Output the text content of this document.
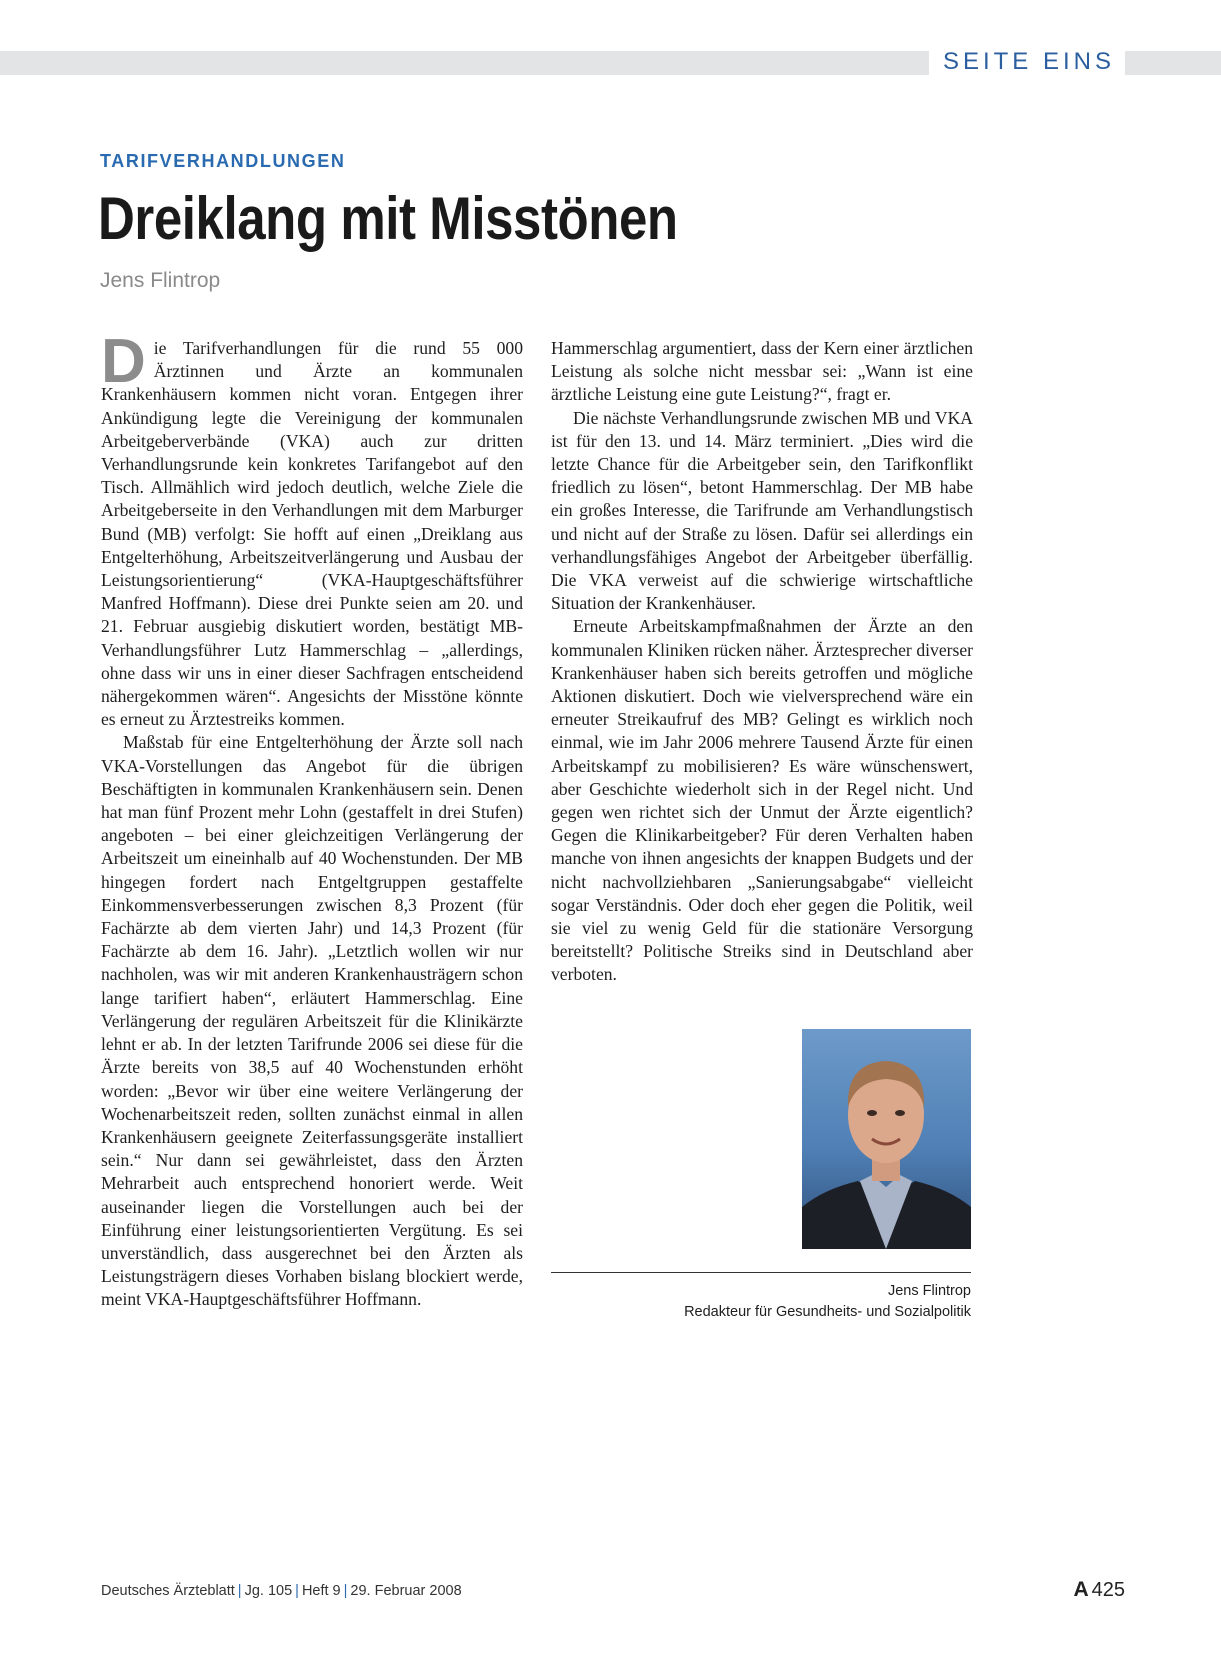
SEITE EINS
TARIFVERHANDLUNGEN
Dreiklang mit Misstönen
Jens Flintrop

Die Tarifverhandlungen für die rund 55 000 Ärztinnen und Ärzte an kommunalen Krankenhäusern kommen nicht voran. Entgegen ihrer Ankündigung legte die Vereinigung der kommunalen Arbeitgeberverbände (VKA) auch zur dritten Verhandlungsrunde kein konkretes Tarifangebot auf den Tisch. Allmählich wird jedoch deutlich, welche Ziele die Arbeitgeberseite in den Verhandlungen mit dem Marburger Bund (MB) verfolgt: Sie hofft auf einen „Dreiklang aus Entgelterhöhung, Arbeitszeitverlängerung und Ausbau der Leistungsorientierung“ (VKA-Hauptgeschäftsführer Manfred Hoffmann). Diese drei Punkte seien am 20. und 21. Februar ausgiebig diskutiert worden, bestätigt MB-Verhandlungsführer Lutz Hammerschlag – „allerdings, ohne dass wir uns in einer dieser Sachfragen entscheidend nähergekommen wären“. Angesichts der Misstöne könnte es erneut zu Ärztestreiks kommen.

Maßstab für eine Entgelterhöhung der Ärzte soll nach VKA-Vorstellungen das Angebot für die übrigen Beschäftigten in kommunalen Krankenhäusern sein. Denen hat man fünf Prozent mehr Lohn (gestaffelt in drei Stufen) angeboten – bei einer gleichzeitigen Verlängerung der Arbeitszeit um eineinhalb auf 40 Wochenstunden. Der MB hingegen fordert nach Entgeltgruppen gestaffelte Einkommensverbesserungen zwischen 8,3 Prozent (für Fachärzte ab dem vierten Jahr) und 14,3 Prozent (für Fachärzte ab dem 16. Jahr). „Letztlich wollen wir nur nachholen, was wir mit anderen Krankenhausträgern schon lange tarifiert haben“, erläutert Hammerschlag. Eine Verlängerung der regulären Arbeitszeit für die Klinikärzte lehnt er ab. In der letzten Tarifrunde 2006 sei diese für die Ärzte bereits von 38,5 auf 40 Wochenstunden erhöht worden: „Bevor wir über eine weitere Verlängerung der Wochenarbeitszeit reden, sollten zunächst einmal in allen Krankenhäusern geeignete Zeiterfassungsgeräte installiert sein.“ Nur dann sei gewährleistet, dass den Ärzten Mehrarbeit auch entsprechend honoriert werde. Weit auseinander liegen die Vorstellungen auch bei der Einführung einer leistungsorientierten Vergütung. Es sei unverständlich, dass ausgerechnet bei den Ärzten als Leistungsträgern dieses Vorhaben bislang blockiert werde, meint VKA-Hauptgeschäftsführer Hoffmann.

Hammerschlag argumentiert, dass der Kern einer ärztlichen Leistung als solche nicht messbar sei: „Wann ist eine ärztliche Leistung eine gute Leistung?“, fragt er.

Die nächste Verhandlungsrunde zwischen MB und VKA ist für den 13. und 14. März terminiert. „Dies wird die letzte Chance für die Arbeitgeber sein, den Tarifkonflikt friedlich zu lösen“, betont Hammerschlag. Der MB habe ein großes Interesse, die Tarifrunde am Verhandlungstisch und nicht auf der Straße zu lösen. Dafür sei allerdings ein verhandlungsfähiges Angebot der Arbeitgeber überfällig. Die VKA verweist auf die schwierige wirtschaftliche Situation der Krankenhäuser.

Erneute Arbeitskampfmaßnahmen der Ärzte an den kommunalen Kliniken rücken näher. Ärztesprecher diverser Krankenhäuser haben sich bereits getroffen und mögliche Aktionen diskutiert. Doch wie vielversprechend wäre ein erneuter Streikaufruf des MB? Gelingt es wirklich noch einmal, wie im Jahr 2006 mehrere Tausend Ärzte für einen Arbeitskampf zu mobilisieren? Es wäre wünschenswert, aber Geschichte wiederholt sich in der Regel nicht. Und gegen wen richtet sich der Unmut der Ärzte eigentlich? Gegen die Klinikarbeitgeber? Für deren Verhalten haben manche von ihnen angesichts der knappen Budgets und der nicht nachvollziehbaren „Sanierungsabgabe“ vielleicht sogar Verständnis. Oder doch eher gegen die Politik, weil sie viel zu wenig Geld für die stationäre Versorgung bereitstellt? Politische Streiks sind in Deutschland aber verboten.

Jens Flintrop
Redakteur für Gesundheits- und Sozialpolitik
Deutsches Ärzteblatt | Jg. 105 | Heft 9 | 29. Februar 2008	A 425
